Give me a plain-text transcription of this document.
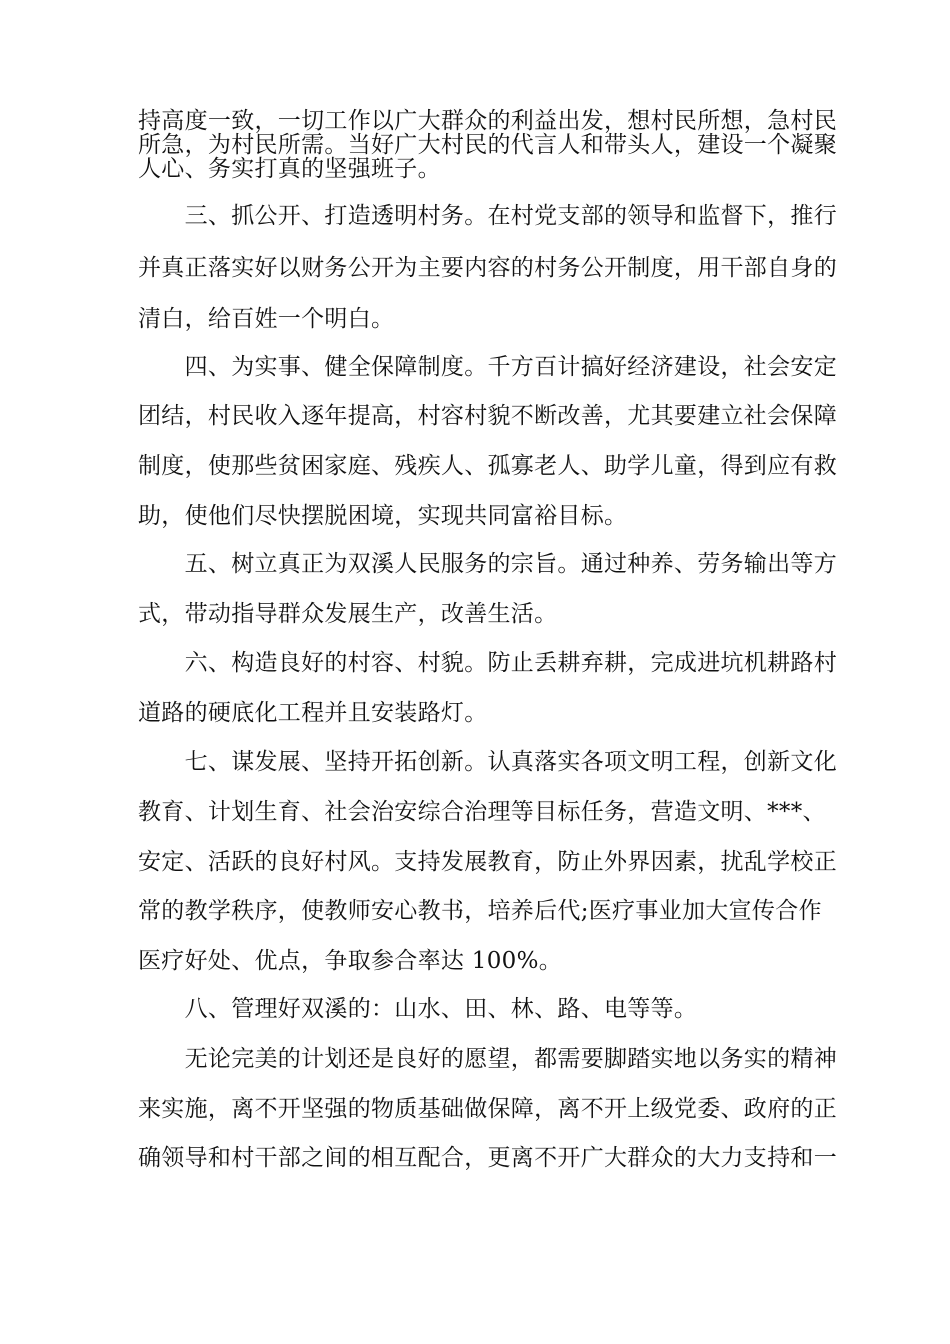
持高度一致，一切工作以广大群众的利益出发，想村民所想，急村民
所急，为村民所需。当好广大村民的代言人和带头人，建设一个凝聚
人心、务实打真的坚强班子。
　　三、抓公开、打造透明村务。在村党支部的领导和监督下，推行
并真正落实好以财务公开为主要内容的村务公开制度，用干部自身的
清白，给百姓一个明白。
　　四、为实事、健全保障制度。千方百计搞好经济建设，社会安定
团结，村民收入逐年提高，村容村貌不断改善，尤其要建立社会保障
制度，使那些贫困家庭、残疾人、孤寡老人、助学儿童，得到应有救
助，使他们尽快摆脱困境，实现共同富裕目标。
　　五、树立真正为双溪人民服务的宗旨。通过种养、劳务输出等方
式，带动指导群众发展生产，改善生活。
　　六、构造良好的村容、村貌。防止丢耕弃耕，完成进坑机耕路村
道路的硬底化工程并且安装路灯。
　　七、谋发展、坚持开拓创新。认真落实各项文明工程，创新文化
教育、计划生育、社会治安综合治理等目标任务，营造文明、***、
安定、活跃的良好村风。支持发展教育，防止外界因素，扰乱学校正
常的教学秩序，使教师安心教书，培养后代;医疗事业加大宣传合作
医疗好处、优点，争取参合率达 100%。
　　八、管理好双溪的：山水、田、林、路、电等等。
　　无论完美的计划还是良好的愿望，都需要脚踏实地以务实的精神
来实施，离不开坚强的物质基础做保障，离不开上级党委、政府的正
确领导和村干部之间的相互配合，更离不开广大群众的大力支持和一
